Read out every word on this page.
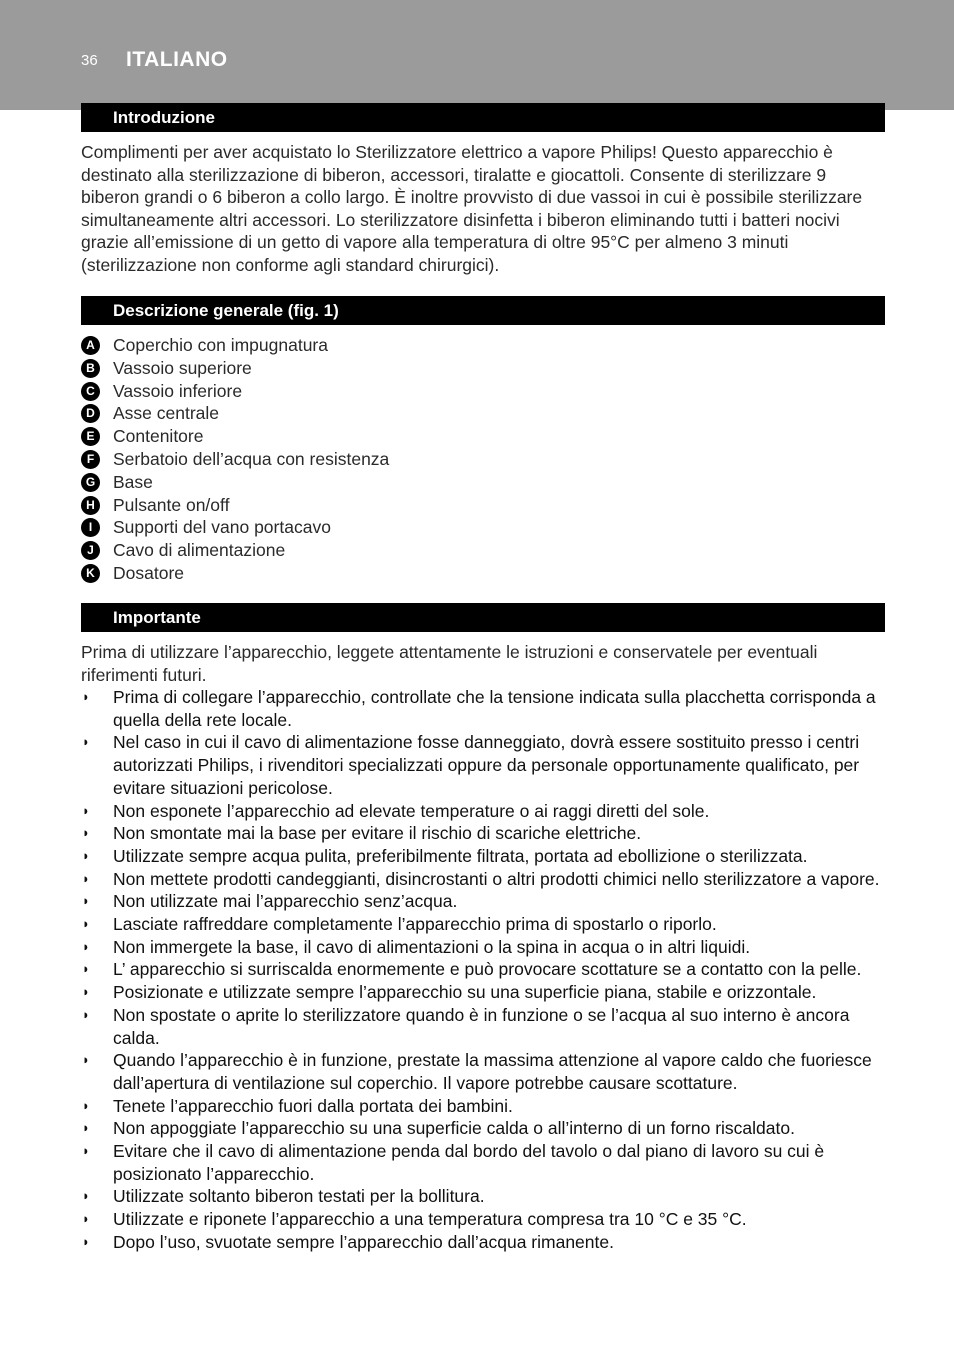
36 ITALIANO
Introduzione

Complimenti per aver acquistato lo Sterilizzatore elettrico a vapore Philips! Questo apparecchio è destinato alla sterilizzazione di biberon, accessori, tiralatte e giocattoli. Consente di sterilizzare 9 biberon grandi o 6 biberon a collo largo. È inoltre provvisto di due vassoi in cui è possibile sterilizzare simultaneamente altri accessori. Lo sterilizzatore disinfetta i biberon eliminando tutti i batteri nocivi grazie all’emissione di un getto di vapore alla temperatura di oltre 95°C per almeno 3 minuti (sterilizzazione non conforme agli standard chirurgici).

Descrizione generale (fig. 1)
A Coperchio con impugnatura
B Vassoio superiore
C Vassoio inferiore
D Asse centrale
E	Contenitore
F	Serbatoio dell’acqua con resistenza
G Base
H Pulsante on/off
I	Supporti del vano portacavo
J	Cavo di alimentazione
K Dosatore
Importante

Prima di utilizzare l’apparecchio, leggete attentamente le istruzioni e conservatele per eventuali riferimenti futuri.

◗ Prima di collegare l’apparecchio, controllate che la tensione indicata sulla placchetta corrisponda a quella della rete locale.
◗ Nel caso in cui il cavo di alimentazione fosse danneggiato, dovrà essere sostituito presso i centri autorizzati Philips, i rivenditori specializzati oppure da personale opportunamente qualificato, per evitare situazioni pericolose.
◗ Non esponete l’apparecchio ad elevate temperature o ai raggi diretti del sole.
◗ Non smontate mai la base per evitare il rischio di scariche elettriche.
◗ Utilizzate sempre acqua pulita, preferibilmente filtrata, portata ad ebollizione o sterilizzata.
◗ Non mettete prodotti candeggianti, disincrostanti o altri prodotti chimici nello sterilizzatore a vapore.
◗ Non utilizzate mai l’apparecchio senz’acqua.
◗ Lasciate raffreddare completamente l’apparecchio prima di spostarlo o riporlo.
◗ Non immergete la base, il cavo di alimentazioni o la spina in acqua o in altri liquidi.
◗ L’ apparecchio si surriscalda enormemente e può provocare scottature se a contatto con la pelle.
◗ Posizionate e utilizzate sempre l’apparecchio su una superficie piana, stabile e orizzontale.
◗ Non spostate o aprite lo sterilizzatore quando è in funzione o se l’acqua al suo interno è ancora calda.
◗ Quando l’apparecchio è in funzione, prestate la massima attenzione al vapore caldo che fuoriesce dall’apertura di ventilazione sul coperchio. Il vapore potrebbe causare scottature.
◗ Tenete l’apparecchio fuori dalla portata dei bambini.
◗ Non appoggiate l’apparecchio su una superficie calda o all’interno di un forno riscaldato.
◗ Evitare che il cavo di alimentazione penda dal bordo del tavolo o dal piano di lavoro su cui è posizionato l’apparecchio.
◗ Utilizzate soltanto biberon testati per la bollitura.
◗ Utilizzate e riponete l’apparecchio a una temperatura compresa tra 10 °C e 35 °C.
◗ Dopo l’uso, svuotate sempre l’apparecchio dall’acqua rimanente.
